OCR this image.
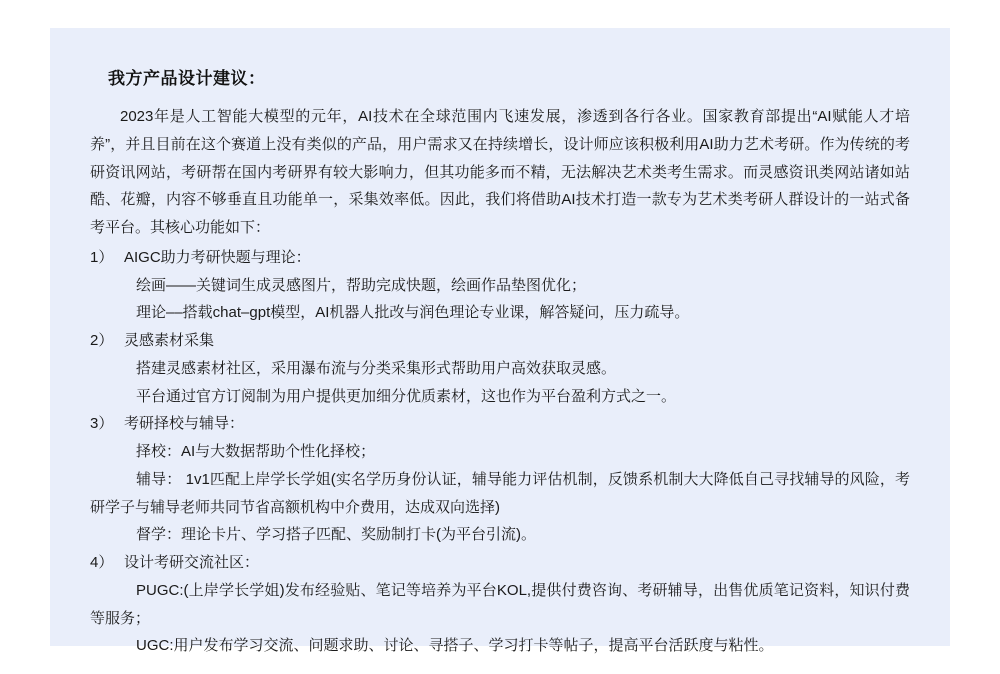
我方产品设计建议：

2023年是人工智能大模型的元年，AI技术在全球范围内飞速发展，渗透到各行各业。国家教育部提出“AI赋能人才培养”，并且目前在这个赛道上没有类似的产品，用户需求又在持续增长，设计师应该积极利用AI助力艺术考研。作为传统的考研资讯网站，考研帮在国内考研界有较大影响力，但其功能多而不精，无法解决艺术类考生需求。而灵感资讯类网站诸如站酷、花瓣，内容不够垂直且功能单一，采集效率低。因此，我们将借助AI技术打造一款专为艺术类考研人群设计的一站式备考平台。其核心功能如下：

1） AIGC助力考研快题与理论：
绘画——关键词生成灵感图片，帮助完成快题，绘画作品垫图优化；
理论––搭载chat–gpt模型，AI机器人批改与润色理论专业课，解答疑问，压力疏导。
2） 灵感素材采集
搭建灵感素材社区，采用瀑布流与分类采集形式帮助用户高效获取灵感。
平台通过官方订阅制为用户提供更加细分优质素材，这也作为平台盈利方式之一。
3） 考研择校与辅导：
择校：AI与大数据帮助个性化择校；
辅导： 1v1匹配上岸学长学姐(实名学历身份认证，辅导能力评估机制，反馈系机制大大降低自己寻找辅导的风险，考研学子与辅导老师共同节省高额机构中介费用，达成双向选择)
督学：理论卡片、学习搭子匹配、奖励制打卡(为平台引流)。
4） 设计考研交流社区：
PUGC:(上岸学长学姐)发布经验贴、笔记等培养为平台KOL,提供付费咨询、考研辅导，出售优质笔记资料，知识付费 等服务；
UGC:用户发布学习交流、问题求助、讨论、寻搭子、学习打卡等帖子，提高平台活跃度与粘性。
